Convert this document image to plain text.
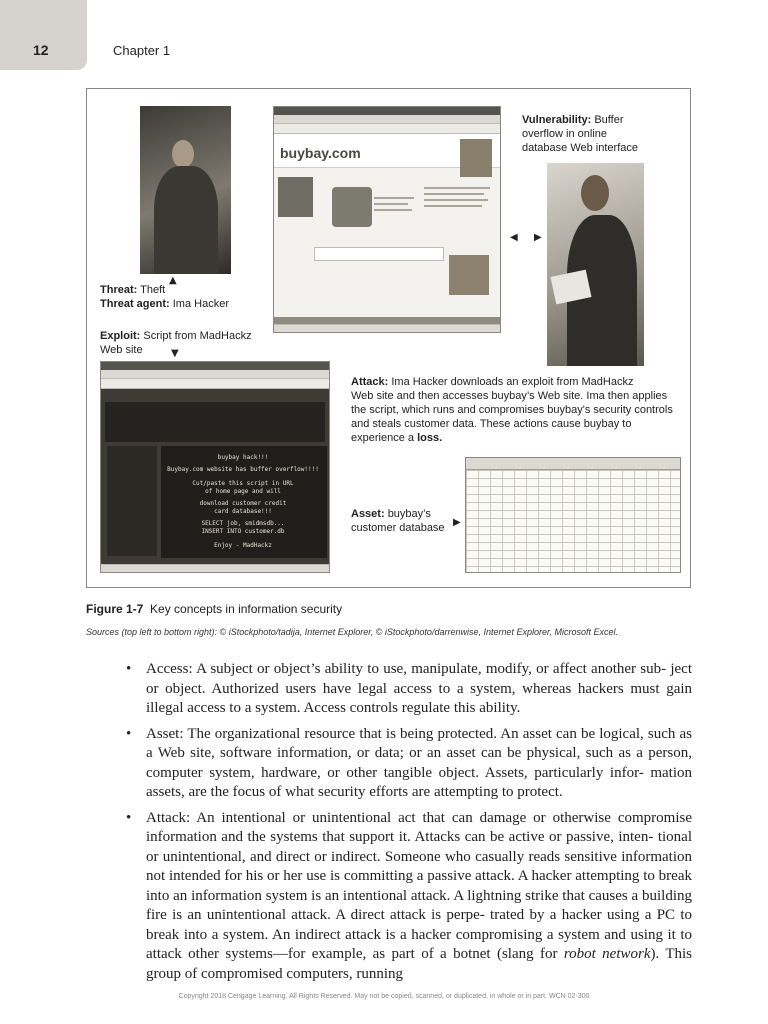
12	Chapter 1
buybay.com
Vulnerability: Buffer
overflow in online
database Web interface
◀ ▶
▲
Threat: Theft
Threat agent: Ima Hacker
Exploit: Script from MadHackz
Web site	▼
buybay hack!!!
Buybay.com website has buffer overflow!!!!
Cut/paste this script in URL
of home page and will
download customer credit
card database!!!
SELECT job, smidmsdb...
INSERT INTO customer.db
Enjoy - MadHackz
Attack: Ima Hacker downloads an exploit from MadHackz
Web site and then accesses buybay’s Web site. Ima then applies
the script, which runs and compromises buybay's security controls
and steals customer data. These actions cause buybay to
experience a loss.
Asset: buybay’s
customer database ▶
Figure 1-7 Key concepts in information security
Sources (top left to bottom right): © iStockphoto/tadija, Internet Explorer, © iStockphoto/darrenwise, Internet Explorer, Microsoft Excel.
• Access: A subject or object’s ability to use, manipulate, modify, or affect another sub- ject or object. Authorized users have legal access to a system, whereas hackers must gain illegal access to a system. Access controls regulate this ability.
• Asset: The organizational resource that is being protected. An asset can be logical, such as a Web site, software information, or data; or an asset can be physical, such as a person, computer system, hardware, or other tangible object. Assets, particularly infor- mation assets, are the focus of what security efforts are attempting to protect.
• Attack: An intentional or unintentional act that can damage or otherwise compromise information and the systems that support it. Attacks can be active or passive, inten- tional or unintentional, and direct or indirect. Someone who casually reads sensitive information not intended for his or her use is committing a passive attack. A hacker attempting to break into an information system is an intentional attack. A lightning strike that causes a building fire is an unintentional attack. A direct attack is perpe- trated by a hacker using a PC to break into a system. An indirect attack is a hacker compromising a system and using it to attack other systems—for example, as part of a botnet (slang for robot network). This group of compromised computers, running
Copyright 2018 Cengage Learning. All Rights Reserved. May not be copied, scanned, or duplicated, in whole or in part. WCN 02-300
